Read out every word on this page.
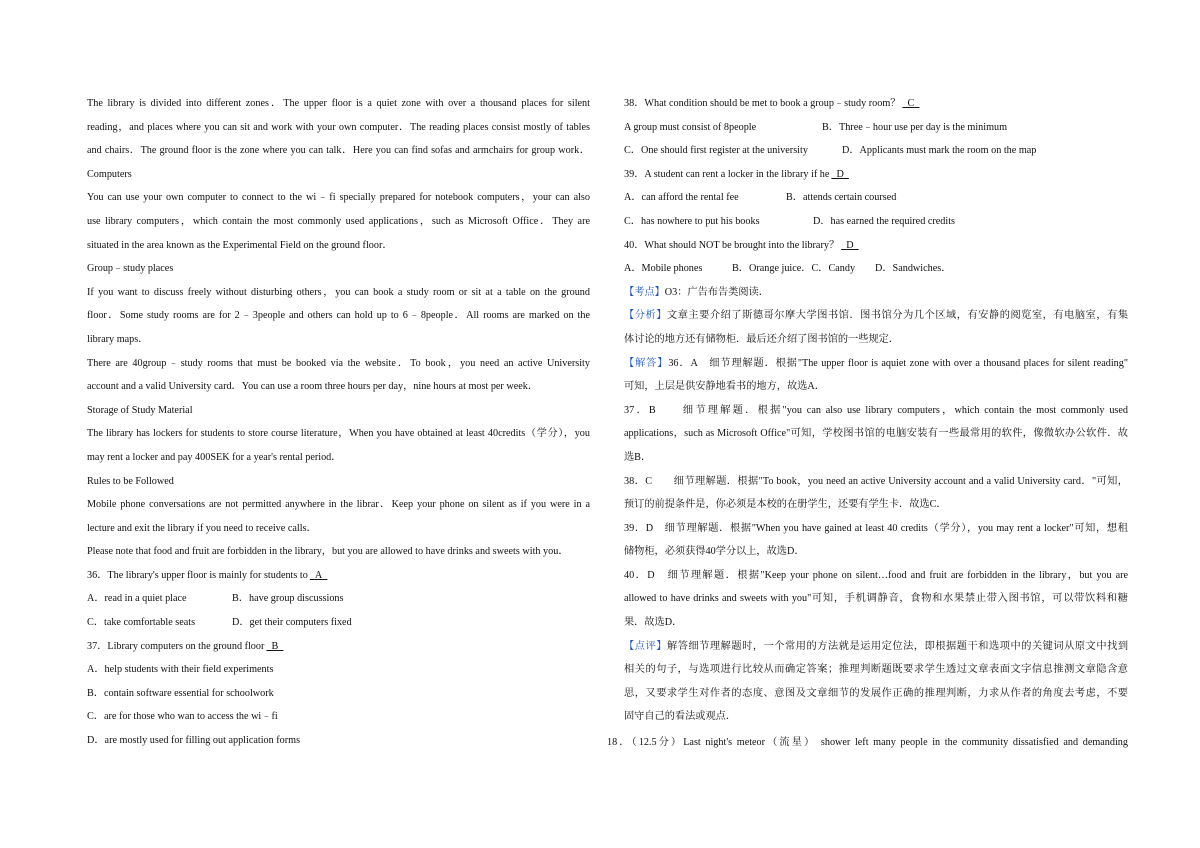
The library is divided into different zones．The upper floor is a quiet zone with over a thousand places for silent
reading，and places where you can sit and work with your own computer．The reading places consist mostly of tables
and chairs．The ground floor is the zone where you can talk．Here you can find sofas and armchairs for group work．
Computers
You can use your own computer to connect to the wi﹣fi specially prepared for notebook computers，your can also
use library computers，which contain the most commonly used applications，such as Microsoft Office．They are
situated in the area known as the Experimental Field on the ground floor．
Group﹣study places
If you want to discuss freely without disturbing others，you can book a study room or sit at a table on the ground
floor．Some study rooms are for 2﹣3people and others can hold up to 6﹣8people．All rooms are marked on the
library maps．
There are 40group﹣study rooms that must be booked via the website．To book，you need an active University
account and a valid University card．You can use a room three hours per day，nine hours at most per week．
Storage of Study Material
The library has lockers for students to store course literature，When you have obtained at least 40credits（学分），you
may rent a locker and pay 400SEK for a year's rental period．
Rules to be Followed
Mobile phone conversations are not permitted anywhere in the librar．Keep your phone on silent as if you were in a
lecture and exit the library if you need to receive calls．
Please note that food and fruit are forbidden in the library，but you are allowed to have drinks and sweets with you．
36．The library's upper floor is mainly for students to A
A．read in a quiet place	B．have group discussions
C．take comfortable seats	D．get their computers fixed
37．Library computers on the ground floor B
A．help students with their field experiments
B．contain software essential for schoolwork
C．are for those who wan to access the wi﹣fi
D．are mostly used for filling out application forms
38．What condition should be met to book a group﹣study room？ C
A group must consist of 8people	B．Three﹣hour use per day is the minimum
C．One should first register at the university	D．Applicants must mark the room on the map
39．A student can rent a locker in the library if he D
A．can afford the rental fee	B．attends certain coursed
C．has nowhere to put his books	D．has earned the required credits
40．What should NOT be brought into the library？ D
A．Mobile phones	B．Orange juice．C．Candy D．Sandwiches．
【考点】O3：广告布告类阅读．
【分析】文章主要介绍了斯德哥尔摩大学图书馆．图书馆分为几个区域，有安静的阅览室，有电脑室，有集
体讨论的地方还有储物柜．最后还介绍了图书馆的一些规定．
【解答】36．A　细节理解题．根据"The upper floor is aquiet zone with over a thousand places for silent reading"
可知，上层是供安静地看书的地方，故选A．
37．B　　细节理解题．根据"you can also use library computers，which contain the most commonly used
applications，such as Microsoft Office"可知，学校图书馆的电脑安装有一些最常用的软件，像微软办公软件．故
选B．
38．C　　细节理解题．根据"To book，you need an active University account and a valid University card．"可知，
预订的前提条件是，你必须是本校的在册学生，还要有学生卡．故选C．
39．D　细节理解题．根据"When you have gained at least 40 credits（学分），you may rent a locker"可知，想租
储物柜，必须获得40学分以上，故选D．
40．D　细节理解题．根据"Keep your phone on silent…food and fruit are forbidden in the library，but you are
allowed to have drinks and sweets with you"可知，手机调静音，食物和水果禁止带入图书馆，可以带饮料和糖
果．故选D．
【点评】解答细节理解题时，一个常用的方法就是运用定位法，即根据题干和选项中的关键词从原文中找到
相关的句子，与选项进行比较从而确定答案；推理判断题既要求学生透过文章表面文字信息推测文章隐含意
思，又要求学生对作者的态度、意图及文章细节的发展作正确的推理判断，力求从作者的角度去考虑，不要
固守自己的看法或观点．
18．（12.5分）Last night's meteor（流星） shower left many people in the community dissatisfied and demanding
